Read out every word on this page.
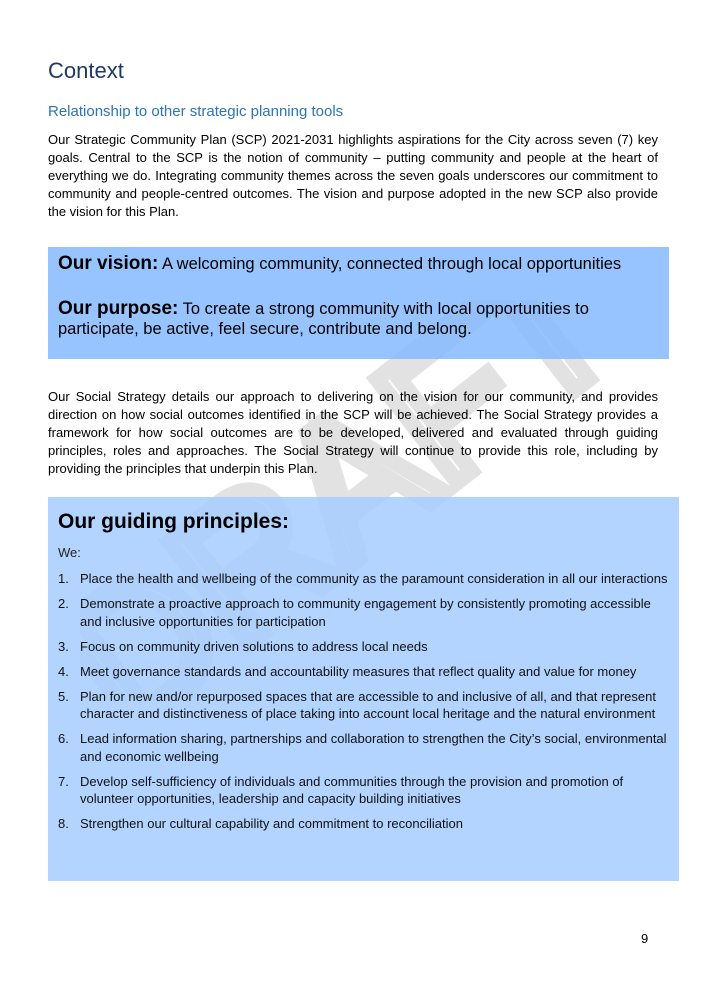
Context
Relationship to other strategic planning tools

Our Strategic Community Plan (SCP) 2021-2031 highlights aspirations for the City across seven (7) key goals. Central to the SCP is the notion of community – putting community and people at the heart of everything we do. Integrating community themes across the seven goals underscores our commitment to community and people-centred outcomes. The vision and purpose adopted in the new SCP also provide the vision for this Plan.

Our vision: A welcoming community, connected through local opportunities
Our purpose: To create a strong community with local opportunities to participate, be active, feel secure, contribute and belong.

Our Social Strategy details our approach to delivering on the vision for our community, and provides direction on how social outcomes identified in the SCP will be achieved. The Social Strategy provides a framework for how social outcomes are to be developed, delivered and evaluated through guiding principles, roles and approaches. The Social Strategy will continue to provide this role, including by providing the principles that underpin this Plan.

Our guiding principles:
We:
1. Place the health and wellbeing of the community as the paramount consideration in all our interactions
2. Demonstrate a proactive approach to community engagement by consistently promoting accessible and inclusive opportunities for participation
3. Focus on community driven solutions to address local needs
4. Meet governance standards and accountability measures that reflect quality and value for money
5. Plan for new and/or repurposed spaces that are accessible to and inclusive of all, and that represent character and distinctiveness of place taking into account local heritage and the natural environment
6. Lead information sharing, partnerships and collaboration to strengthen the City’s social, environmental and economic wellbeing
7. Develop self-sufficiency of individuals and communities through the provision and promotion of volunteer opportunities, leadership and capacity building initiatives
8. Strengthen our cultural capability and commitment to reconciliation
9
